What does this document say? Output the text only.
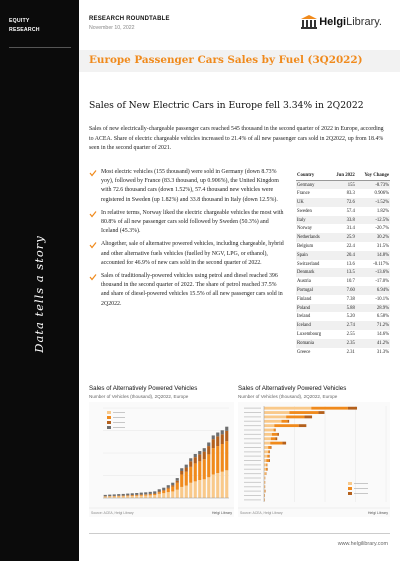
EQUITY
RESEARCH
Data tells a story
RESEARCH ROUNDTABLE
November 10, 2022	HelgiLibrary.
Europe Passenger Cars Sales by Fuel (3Q2022)
Sales of New Electric Cars in Europe fell 3.34% in 2Q2022

Sales of new electrically-chargeable passenger cars reached 545 thousand in the second quarter of 2022 in Europe, according to ACEA. Share of electric chargeable vehicles increased to 21.4% of all new passenger cars sold in 2Q2022, up from 18.4% seen in the second quarter of 2021.

Most electric vehicles (155 thousand) were sold in Germany (down 8.73% yoy), followed by France (83.3 thousand, up 0.906%), the United Kingdom with 72.6 thousand cars (down 1.52%), 57.4 thousand new vehicles were registered in Sweden (up 1.82%) and 33.8 thousand in Italy (down 12.5%).
In relative terms, Norway liked the electric chargeable vehicles the most with 80.8% of all new passenger cars sold followed by Sweden (50.3%) and Iceland (45.3%).
Altogether, sale of alternative powered vehicles, including chargeable, hybrid and other alternative fuels vehicles (fuelled by NGV, LPG, or ethanol), accounted for 46.9% of new cars sold in the second quarter of 2022.
Sales of traditionally-powered vehicles using petrol and diesel reached 396 thousand in the second quarter of 2022. The share of petrol reached 37.5% and share of diesel-powered vehicles 15.5% of all new passenger cars sold in 2Q2022.
Country	Jun 2022	Yoy Change
Germany	155	-8.73%
France	83.3	0.906%
UK	72.6	-1.52%
Sweden	57.4	1.82%
Italy	33.8	-12.5%
Norway	31.4	-20.7%
Netherlands	25.9	30.2%
Belgium	22.4	31.5%
Spain	20.4	14.8%
Switzerland	13.6	-0.117%
Denmark	13.5	-13.6%
Austria	10.7	-17.0%
Portugal	7.60	6.94%
Finland	7.38	-10.1%
Poland	5.88	28.9%
Ireland	5.20	6.58%
Iceland	2.74	71.2%
Luxembourg	2.55	14.6%
Romania	2.35	41.2%
Greece	2.31	31.3%
Sales of Alternatively Powered Vehicles
Number of Vehicles (thousand), 2Q2022, Europe
Source: ACEA, Helgi Library	Helgi Library
Sales of Alternatively Powered Vehicles
Number of Vehicles (thousand), 2Q2022, Europe
Source: ACEA, Helgi Library	Helgi Library
www.helgilibrary.com
